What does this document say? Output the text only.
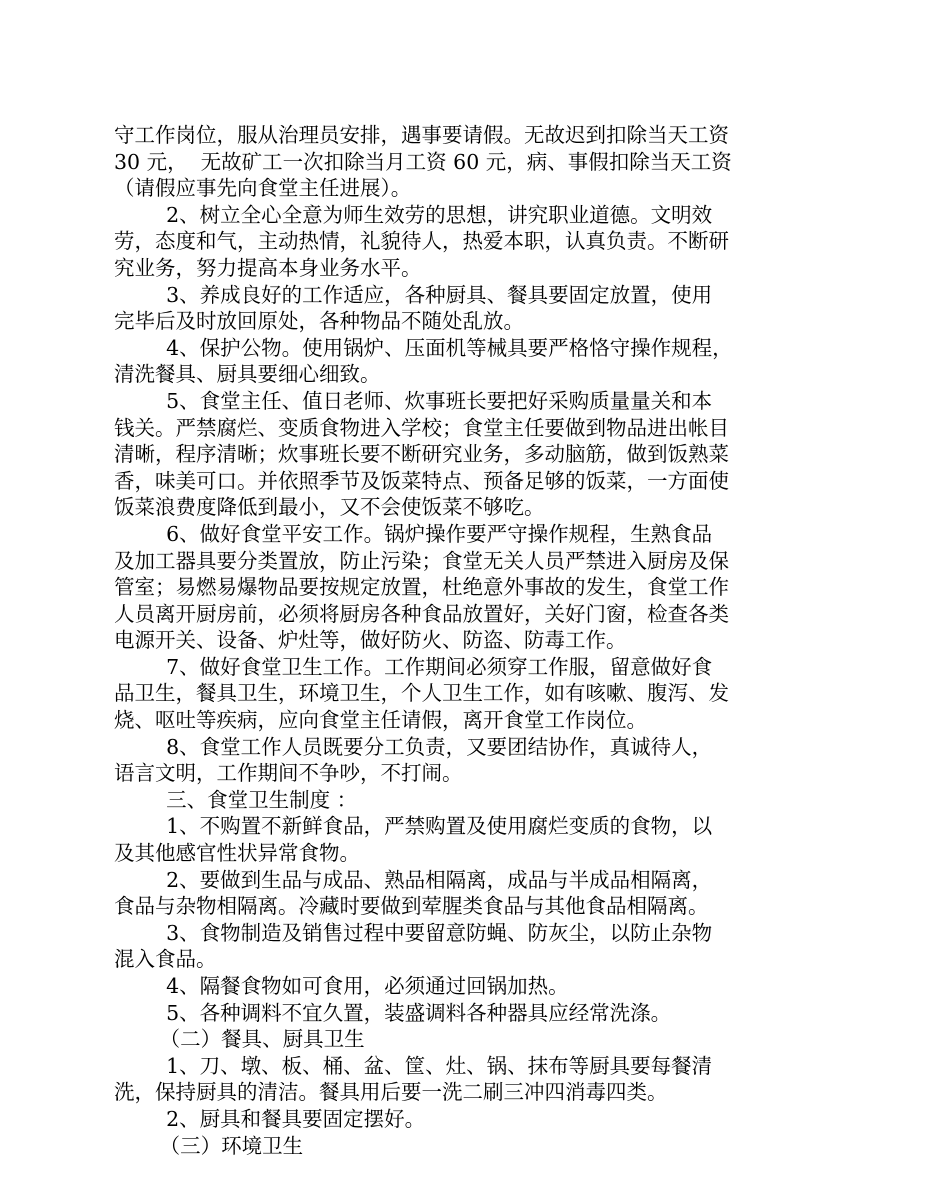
守工作岗位，服从治理员安排，遇事要请假。无故迟到扣除当天工资
30 元，  无故矿工一次扣除当月工资 60 元，病、事假扣除当天工资
（请假应事先向食堂主任进展）。
2、树立全心全意为师生效劳的思想，讲究职业道德。文明效
劳，态度和气，主动热情，礼貌待人，热爱本职，认真负责。不断研
究业务，努力提高本身业务水平。
3、养成良好的工作适应，各种厨具、餐具要固定放置，使用
完毕后及时放回原处，各种物品不随处乱放。
4、保护公物。使用锅炉、压面机等械具要严格恪守操作规程，
清洗餐具、厨具要细心细致。
5、食堂主任、值日老师、炊事班长要把好采购质量量关和本
钱关。严禁腐烂、变质食物进入学校；食堂主任要做到物品进出帐目
清晰，程序清晰；炊事班长要不断研究业务，多动脑筋，做到饭熟菜
香，味美可口。并依照季节及饭菜特点、预备足够的饭菜，一方面使
饭菜浪费度降低到最小，又不会使饭菜不够吃。
6、做好食堂平安工作。锅炉操作要严守操作规程，生熟食品
及加工器具要分类置放，防止污染；食堂无关人员严禁进入厨房及保
管室；易燃易爆物品要按规定放置，杜绝意外事故的发生，食堂工作
人员离开厨房前，必须将厨房各种食品放置好，关好门窗，检查各类
电源开关、设备、炉灶等，做好防火、防盗、防毒工作。
7、做好食堂卫生工作。工作期间必须穿工作服，留意做好食
品卫生，餐具卫生，环境卫生，个人卫生工作，如有咳嗽、腹泻、发
烧、呕吐等疾病，应向食堂主任请假，离开食堂工作岗位。
8、食堂工作人员既要分工负责，又要团结协作，真诚待人，
语言文明，工作期间不争吵，不打闹。
三、食堂卫生制度 ：
1、不购置不新鲜食品，严禁购置及使用腐烂变质的食物，以
及其他感官性状异常食物。
2、要做到生品与成品、熟品相隔离，成品与半成品相隔离，
食品与杂物相隔离。冷藏时要做到荤腥类食品与其他食品相隔离。
3、食物制造及销售过程中要留意防蝇、防灰尘，以防止杂物
混入食品。
4、隔餐食物如可食用，必须通过回锅加热。
5、各种调料不宜久置，装盛调料各种器具应经常洗涤。
（二）餐具、厨具卫生
1、刀、墩、板、桶、盆、筐、灶、锅、抹布等厨具要每餐清
洗，保持厨具的清洁。餐具用后要一洗二刷三冲四消毒四类。
2、厨具和餐具要固定摆好。
（三）环境卫生
